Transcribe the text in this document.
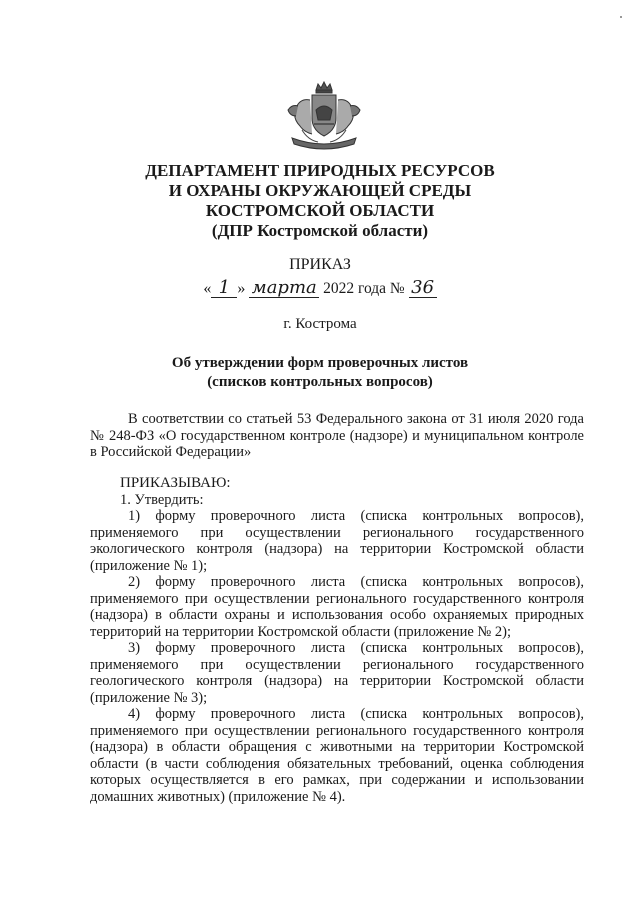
ДЕПАРТАМЕНТ ПРИРОДНЫХ РЕСУРСОВ
И ОХРАНЫ ОКРУЖАЮЩЕЙ СРЕДЫ
КОСТРОМСКОЙ ОБЛАСТИ
(ДПР Костромской области)
ПРИКАЗ
« 1 » марта 2022 года № 36
г. Кострома
Об утверждении форм проверочных листов
(списков контрольных вопросов)

В соответствии со статьей 53 Федерального закона от 31 июля 2020 года № 248-ФЗ «О государственном контроле (надзоре) и муниципальном контроле в Российской Федерации»

ПРИКАЗЫВАЮ:

1. Утвердить:

1) форму проверочного листа (списка контрольных вопросов), применяемого при осуществлении регионального государственного экологического контроля (надзора) на территории Костромской области (приложение № 1);

2) форму проверочного листа (списка контрольных вопросов), применяемого при осуществлении регионального государственного контроля (надзора) в области охраны и использования особо охраняемых природных территорий на территории Костромской области (приложение № 2);

3) форму проверочного листа (списка контрольных вопросов), применяемого при осуществлении регионального государственного геологического контроля (надзора) на территории Костромской области (приложение № 3);

4) форму проверочного листа (списка контрольных вопросов), применяемого при осуществлении регионального государственного контроля (надзора) в области обращения с животными на территории Костромской области (в части соблюдения обязательных требований, оценка соблюдения которых осуществляется в его рамках, при содержании и использовании домашних животных) (приложение № 4).
